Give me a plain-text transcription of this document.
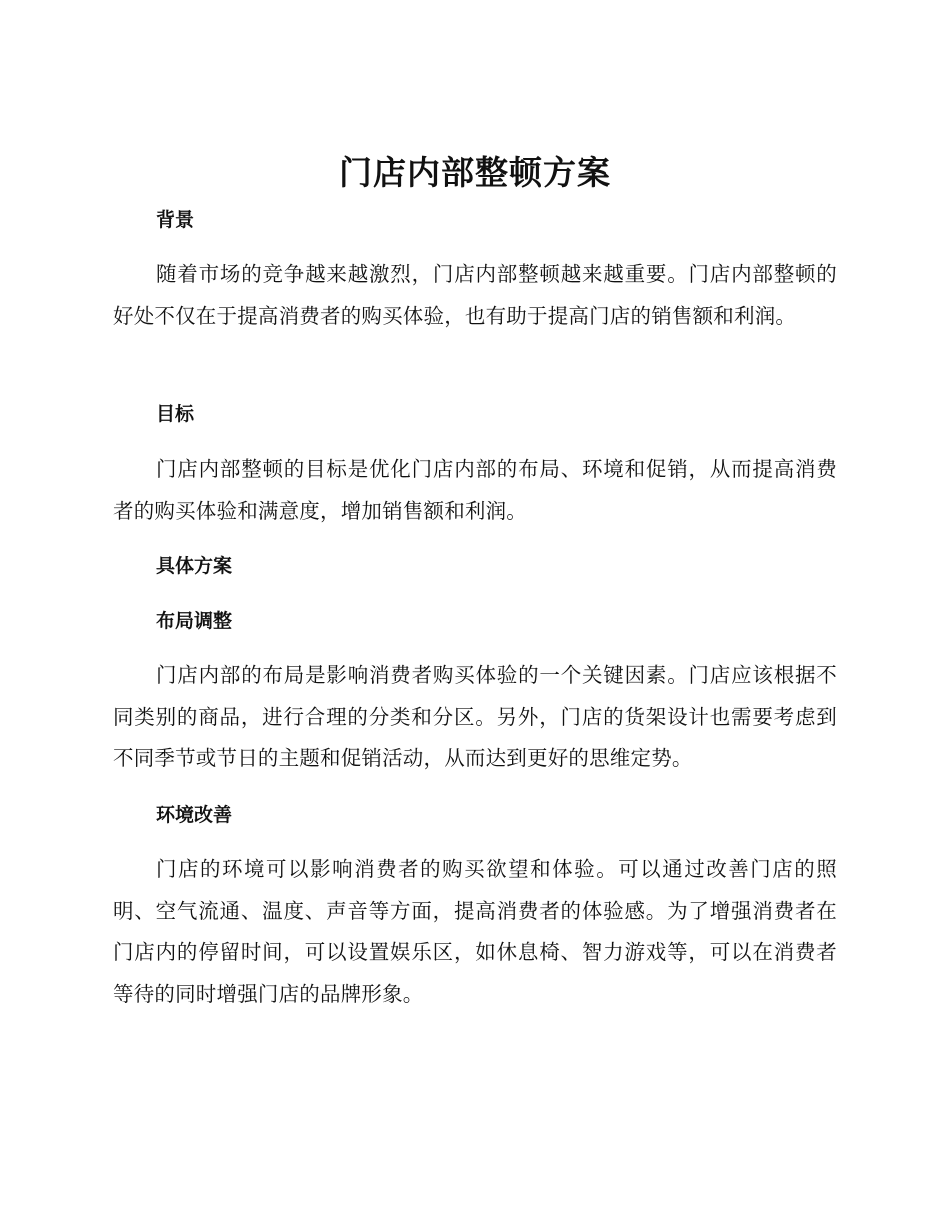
门店内部整顿方案
背景

随着市场的竞争越来越激烈，门店内部整顿越来越重要。门店内部整顿的好处不仅在于提高消费者的购买体验，也有助于提高门店的销售额和利润。

目标

门店内部整顿的目标是优化门店内部的布局、环境和促销，从而提高消费者的购买体验和满意度，增加销售额和利润。

具体方案
布局调整

门店内部的布局是影响消费者购买体验的一个关键因素。门店应该根据不同类别的商品，进行合理的分类和分区。另外，门店的货架设计也需要考虑到不同季节或节日的主题和促销活动，从而达到更好的思维定势。

环境改善

门店的环境可以影响消费者的购买欲望和体验。可以通过改善门店的照明、空气流通、温度、声音等方面，提高消费者的体验感。为了增强消费者在门店内的停留时间，可以设置娱乐区，如休息椅、智力游戏等，可以在消费者等待的同时增强门店的品牌形象。
